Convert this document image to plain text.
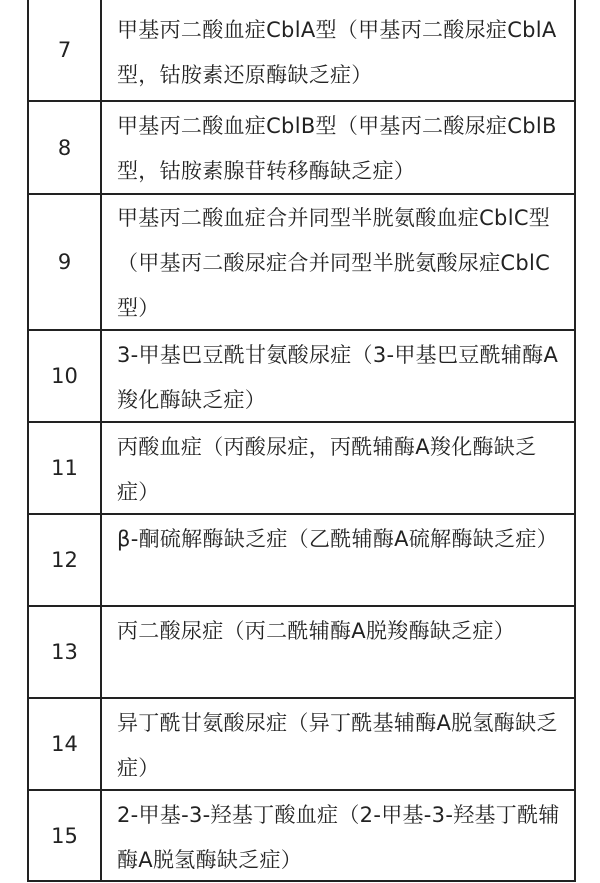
7
甲基丙二酸血症CblA型（甲基丙二酸尿症CblA型，钴胺素还原酶缺乏症）
8
甲基丙二酸血症CblB型（甲基丙二酸尿症CblB型，钴胺素腺苷转移酶缺乏症）
9
甲基丙二酸血症合并同型半胱氨酸血症CblC型（甲基丙二酸尿症合并同型半胱氨酸尿症CblC型）
10
3-甲基巴豆酰甘氨酸尿症（3-甲基巴豆酰辅酶A羧化酶缺乏症）
11
丙酸血症（丙酸尿症，丙酰辅酶A羧化酶缺乏症）
12
β-酮硫解酶缺乏症（乙酰辅酶A硫解酶缺乏症）
13
丙二酸尿症（丙二酰辅酶A脱羧酶缺乏症）
14
异丁酰甘氨酸尿症（异丁酰基辅酶A脱氢酶缺乏症）
15
2-甲基-3-羟基丁酸血症（2-甲基-3-羟基丁酰辅酶A脱氢酶缺乏症）
